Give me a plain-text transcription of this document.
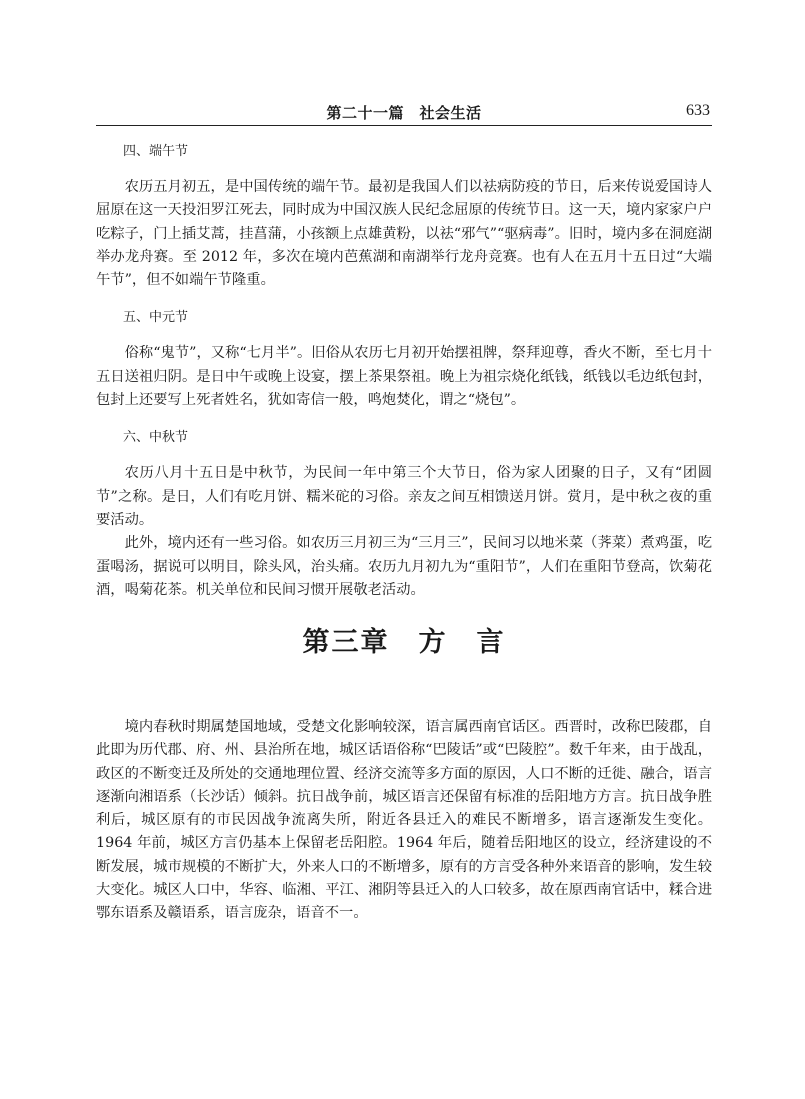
第二十一篇　社会生活	633
四、端午节

农历五月初五，是中国传统的端午节。最初是我国人们以祛病防疫的节日，后来传说爱国诗人屈原在这一天投汨罗江死去，同时成为中国汉族人民纪念屈原的传统节日。这一天，境内家家户户吃粽子，门上插艾蒿，挂菖蒲，小孩额上点雄黄粉，以祛“邪气”“驱病毒”。旧时，境内多在洞庭湖举办龙舟赛。至 2012 年，多次在境内芭蕉湖和南湖举行龙舟竞赛。也有人在五月十五日过“大端午节”，但不如端午节隆重。

五、中元节

俗称“鬼节”，又称“七月半”。旧俗从农历七月初开始摆祖牌，祭拜迎尊，香火不断，至七月十五日送祖归阴。是日中午或晚上设宴，摆上茶果祭祖。晚上为祖宗烧化纸钱，纸钱以毛边纸包封，包封上还要写上死者姓名，犹如寄信一般，鸣炮焚化，谓之“烧包”。

六、中秋节

农历八月十五日是中秋节，为民间一年中第三个大节日，俗为家人团聚的日子，又有“团圆节”之称。是日，人们有吃月饼、糯米砣的习俗。亲友之间互相馈送月饼。赏月，是中秋之夜的重要活动。

此外，境内还有一些习俗。如农历三月初三为“三月三”，民间习以地米菜（荠菜）煮鸡蛋，吃蛋喝汤，据说可以明目，除头风，治头痛。农历九月初九为“重阳节”，人们在重阳节登高，饮菊花酒，喝菊花茶。机关单位和民间习惯开展敬老活动。

第三章　方　言

境内春秋时期属楚国地域，受楚文化影响较深，语言属西南官话区。西晋时，改称巴陵郡，自此即为历代郡、府、州、县治所在地，城区话语俗称“巴陵话”或“巴陵腔”。数千年来，由于战乱，政区的不断变迁及所处的交通地理位置、经济交流等多方面的原因，人口不断的迁徙、融合，语言逐渐向湘语系（长沙话）倾斜。抗日战争前，城区语言还保留有标准的岳阳地方方言。抗日战争胜利后，城区原有的市民因战争流离失所，附近各县迁入的难民不断增多，语言逐渐发生变化。1964 年前，城区方言仍基本上保留老岳阳腔。1964 年后，随着岳阳地区的设立，经济建设的不断发展，城市规模的不断扩大，外来人口的不断增多，原有的方言受各种外来语音的影响，发生较大变化。城区人口中，华容、临湘、平江、湘阴等县迁入的人口较多，故在原西南官话中，糅合进鄂东语系及赣语系，语言庞杂，语音不一。
